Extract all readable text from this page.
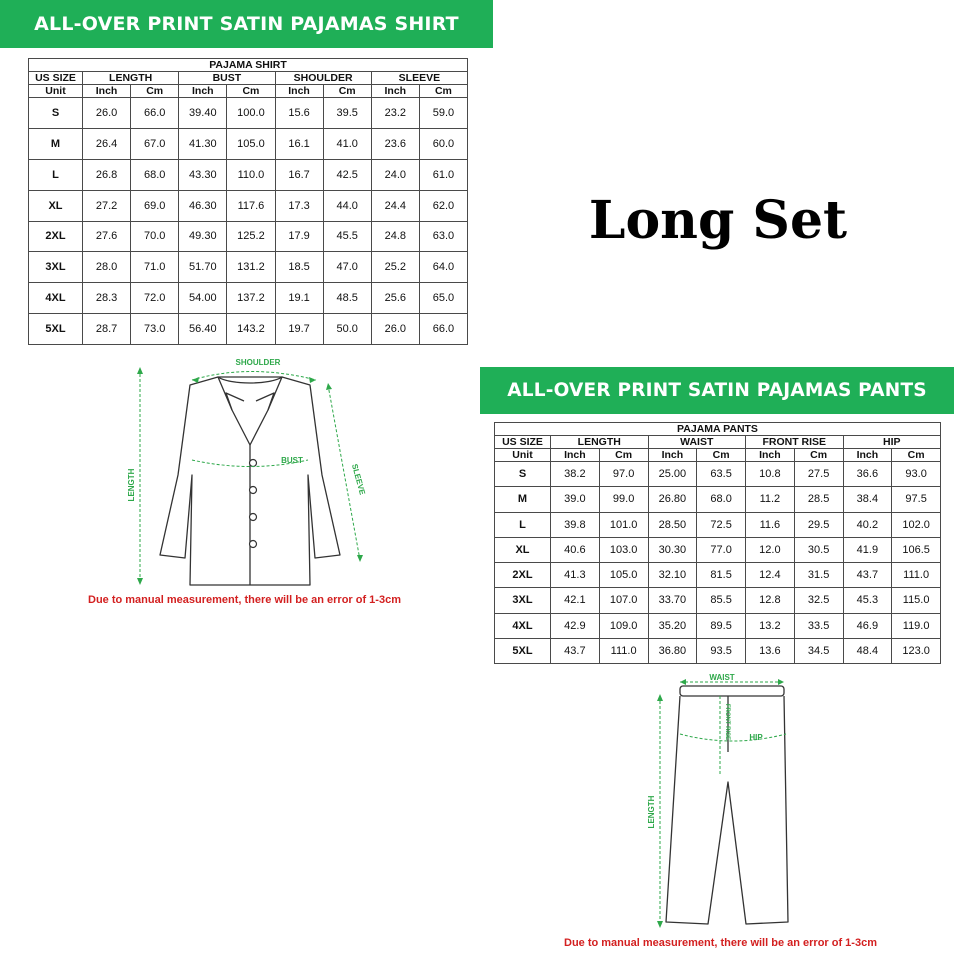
ALL-OVER PRINT SATIN PAJAMAS SHIRT
PAJAMA SHIRT								
US SIZE	LENGTH		BUST		SHOULDER		SLEEVE	
Unit	Inch	Cm	Inch	Cm	Inch	Cm	Inch	Cm
S	26.0	66.0	39.40	100.0	15.6	39.5	23.2	59.0
M	26.4	67.0	41.30	105.0	16.1	41.0	23.6	60.0
L	26.8	68.0	43.30	110.0	16.7	42.5	24.0	61.0
XL	27.2	69.0	46.30	117.6	17.3	44.0	24.4	62.0
2XL	27.6	70.0	49.30	125.2	17.9	45.5	24.8	63.0
3XL	28.0	71.0	51.70	131.2	18.5	47.0	25.2	64.0
4XL	28.3	72.0	54.00	137.2	19.1	48.5	25.6	65.0
5XL	28.7	73.0	56.40	143.2	19.7	50.0	26.0	66.0
Long Set
SHOULDER
LENGTH
BUST
SLEEVE
Due to manual measurement, there will be an error of 1-3cm
ALL-OVER PRINT SATIN PAJAMAS PANTS
PAJAMA PANTS								
US SIZE	LENGTH		WAIST		FRONT RISE		HIP	
Unit	Inch	Cm	Inch	Cm	Inch	Cm	Inch	Cm
S	38.2	97.0	25.00	63.5	10.8	27.5	36.6	93.0
M	39.0	99.0	26.80	68.0	11.2	28.5	38.4	97.5
L	39.8	101.0	28.50	72.5	11.6	29.5	40.2	102.0
XL	40.6	103.0	30.30	77.0	12.0	30.5	41.9	106.5
2XL	41.3	105.0	32.10	81.5	12.4	31.5	43.7	111.0
3XL	42.1	107.0	33.70	85.5	12.8	32.5	45.3	115.0
4XL	42.9	109.0	35.20	89.5	13.2	33.5	46.9	119.0
5XL	43.7	111.0	36.80	93.5	13.6	34.5	48.4	123.0
WAIST
FRONT RISE HIP
LENGTH
Due to manual measurement, there will be an error of 1-3cm
